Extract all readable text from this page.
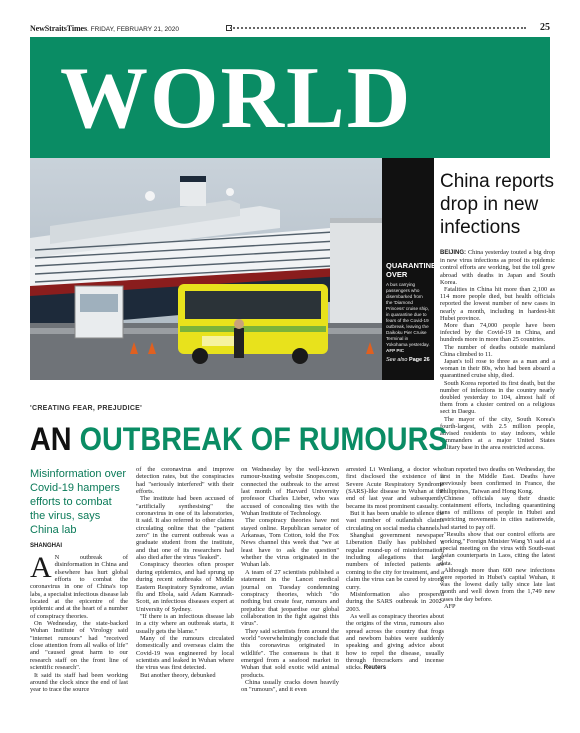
NewStraitsTimes. FRIDAY, FEBRUARY 21, 2020	25
WORLD
QUARANTINE OVER
A bus carrying passengers who disembarked from the 'Diamond Princess' cruise ship, in quarantine due to fears of the Covid-19 outbreak, leaving the Daikoku Pier Cruise Terminal in Yokohama yesterday. AFP PIC
See also Page 26
China reports drop in new infections

BEIJING: China yesterday touted a big drop in new virus infections as proof its epidemic control efforts are working, but the toll grew abroad with deaths in Japan and South Korea.

Fatalities in China hit more than 2,100 as 114 more people died, but health officials reported the lowest number of new cases in nearly a month, including in hardest-hit Hubei province.

More than 74,000 people have been infected by the Covid-19 in China, and hundreds more in more than 25 countries.

The number of deaths outside mainland China climbed to 11.

Japan's toll rose to three as a man and a woman in their 80s, who had been aboard a quarantined cruise ship, died.

South Korea reported its first death, but the number of infections in the country nearly doubled yesterday to 104, almost half of them from a cluster centred on a religious sect in Daegu.

The mayor of the city, South Korea's fourth-largest, with 2.5 million people, advised residents to stay indoors, while commanders at a major United States military base in the area restricted access.

Iran reported two deaths on Wednesday, the first in the Middle East. Deaths have previously been confirmed in France, the Philippines, Taiwan and Hong Kong.

Chinese officials say their drastic containment efforts, including quarantining tens of millions of people in Hubei and restricting movements in cities nationwide, had started to pay off.

"Results show that our control efforts are working," Foreign Minister Wang Yi said at a special meeting on the virus with South-east Asian counterparts in Laos, citing the latest data.

Although more than 600 new infections were reported in Hubei's capital Wuhan, it was the lowest daily tally since late last month and well down from the 1,749 new cases the day before.

AFP

'CREATING FEAR, PREJUDICE'
AN OUTBREAK OF RUMOURS
Misinformation over Covid-19 hampers efforts to combat the virus, says China lab
SHANGHAI

A N outbreak of disinformation in China and elsewhere has hurt global efforts to combat the coronavirus in one of China's top labs, a specialist infectious disease lab located at the epicentre of the epidemic and at the heart of a number of conspiracy theories.

On Wednesday, the state-backed Wuhan Institute of Virology said "internet rumours" had "received close attention from all walks of life" and "caused great harm to our research staff on the front line of scientific research".

It said its staff had been working around the clock since the end of last year to trace the source

of the coronavirus and improve detection rates, but the conspiracies had "seriously interfered" with their efforts.

The institute had been accused of "artificially synthesising" the coronavirus in one of its laboratories, it said. It also referred to other claims circulating online that the "patient zero" in the current outbreak was a graduate student from the institute, and that one of its researchers had also died after the virus "leaked".

Conspiracy theories often prosper during epidemics, and had sprung up during recent outbreaks of Middle Eastern Respiratory Syndrome, avian flu and Ebola, said Adam Kamradt-Scott, an infectious diseases expert at University of Sydney.

"If there is an infectious disease lab in a city where an outbreak starts, it usually gets the blame."

Many of the rumours circulated domestically and overseas claim the Covid-19 was engineered by local scientists and leaked in Wuhan where the virus was first detected.

But another theory, debunked

on Wednesday by the well-known rumour-busting website Snopes.com, connected the outbreak to the arrest last month of Harvard University professor Charles Lieber, who was accused of concealing ties with the Wuhan Institute of Technology.

The conspiracy theories have not stayed online. Republican senator of Arkansas, Tom Cotton, told the Fox News channel this week that "we at least have to ask the question" whether the virus originated in the Wuhan lab.

A team of 27 scientists published a statement in the Lancet medical journal on Tuesday condemning conspiracy theories, which "do nothing but create fear, rumours and prejudice that jeopardise our global collaboration in the fight against this virus".

They said scientists from around the world "overwhelmingly conclude that this coronavirus originated in wildlife". The consensus is that it emerged from a seafood market in Wuhan that sold exotic wild animal products.

China usually cracks down heavily on "rumours", and it even

arrested Li Wenliang, a doctor who first disclosed the existence of a Severe Acute Respiratory Syndrome (SARS)-like disease in Wuhan at the end of last year and subsequently became its most prominent casualty.

But it has been unable to silence the vast number of outlandish claims circulating on social media channels.

Shanghai government newspaper Liberation Daily has published a regular round-up of misinformation, including allegations that large numbers of infected patients are coming to the city for treatment, and a claim the virus can be cured by strong curry.

Misinformation also prospered during the SARS outbreak in 2002-2003.

As well as conspiracy theories about the origins of the virus, rumours also spread across the country that frogs and newborn babies were suddenly speaking and giving advice about how to repel the disease, usually through firecrackers and incense sticks. Reuters
